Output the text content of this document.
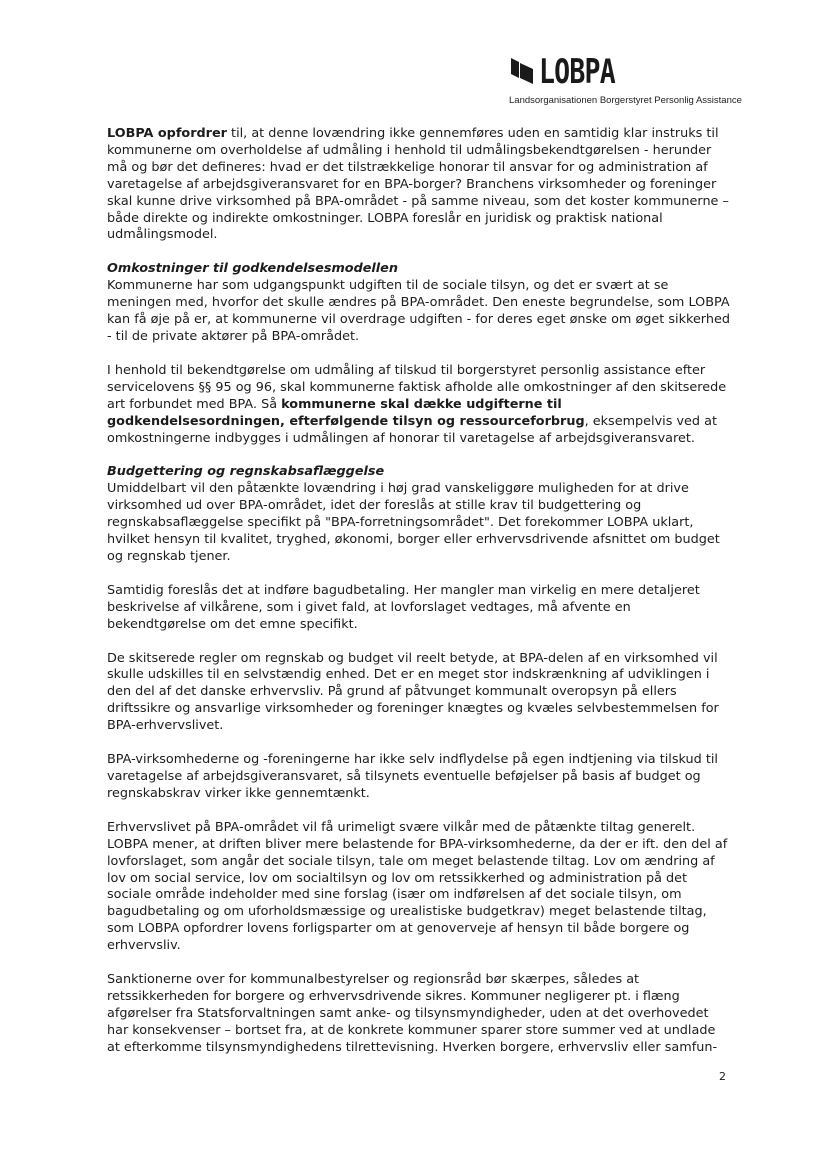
LOBPA
Landsorganisationen Borgerstyret Personlig Assistance

LOBPA opfordrer til, at denne lovændring ikke gennemføres uden en samtidig klar instruks til kommunerne om overholdelse af udmåling i henhold til udmålingsbekendtgørelsen - herunder må og bør det defineres: hvad er det tilstrækkelige honorar til ansvar for og administration af varetagelse af arbejdsgiveransvaret for en BPA-borger? Branchens virksomheder og foreninger skal kunne drive virksomhed på BPA-området - på samme niveau, som det koster kommunerne – både direkte og indirekte omkostninger. LOBPA foreslår en juridisk og praktisk national udmålingsmodel.

Omkostninger til godkendelsesmodellen

Kommunerne har som udgangspunkt udgiften til de sociale tilsyn, og det er svært at se meningen med, hvorfor det skulle ændres på BPA-området. Den eneste begrundelse, som LOBPA kan få øje på er, at kommunerne vil overdrage udgiften - for deres eget ønske om øget sikkerhed - til de private aktører på BPA-området.

I henhold til bekendtgørelse om udmåling af tilskud til borgerstyret personlig assistance efter servicelovens §§ 95 og 96, skal kommunerne faktisk afholde alle omkostninger af den skitserede art forbundet med BPA. Så kommunerne skal dække udgifterne til godkendelsesordningen, efterfølgende tilsyn og ressourceforbrug, eksempelvis ved at omkostningerne indbygges i udmålingen af honorar til varetagelse af arbejdsgiveransvaret.

Budgettering og regnskabsaflæggelse

Umiddelbart vil den påtænkte lovændring i høj grad vanskeliggøre muligheden for at drive virksomhed ud over BPA-området, idet der foreslås at stille krav til budgettering og regnskabsaflæggelse specifikt på "BPA-forretningsområdet". Det forekommer LOBPA uklart, hvilket hensyn til kvalitet, tryghed, økonomi, borger eller erhvervsdrivende afsnittet om budget og regnskab tjener.

Samtidig foreslås det at indføre bagudbetaling. Her mangler man virkelig en mere detaljeret beskrivelse af vilkårene, som i givet fald, at lovforslaget vedtages, må afvente en bekendtgørelse om det emne specifikt.

De skitserede regler om regnskab og budget vil reelt betyde, at BPA-delen af en virksomhed vil skulle udskilles til en selvstændig enhed. Det er en meget stor indskrænkning af udviklingen i den del af det danske erhvervsliv. På grund af påtvunget kommunalt overopsyn på ellers driftssikre og ansvarlige virksomheder og foreninger knægtes og kvæles selvbestemmelsen for BPA-erhvervslivet.

BPA-virksomhederne og -foreningerne har ikke selv indflydelse på egen indtjening via tilskud til varetagelse af arbejdsgiveransvaret, så tilsynets eventuelle beføjelser på basis af budget og regnskabskrav virker ikke gennemtænkt.

Erhvervslivet på BPA-området vil få urimeligt svære vilkår med de påtænkte tiltag generelt. LOBPA mener, at driften bliver mere belastende for BPA-virksomhederne, da der er ift. den del af lovforslaget, som angår det sociale tilsyn, tale om meget belastende tiltag. Lov om ændring af lov om social service, lov om socialtilsyn og lov om retssikkerhed og administration på det sociale område indeholder med sine forslag (især om indførelsen af det sociale tilsyn, om bagudbetaling og om uforholdsmæssige og urealistiske budgetkrav) meget belastende tiltag, som LOBPA opfordrer lovens forligsparter om at genoverveje af hensyn til både borgere og erhvervsliv.

Sanktionerne over for kommunalbestyrelser og regionsråd bør skærpes, således at retssikkerheden for borgere og erhvervsdrivende sikres. Kommuner negligerer pt. i flæng afgørelser fra Statsforvaltningen samt anke- og tilsynsmyndigheder, uden at det overhovedet har konsekvenser – bortset fra, at de konkrete kommuner sparer store summer ved at undlade at efterkomme tilsynsmyndighedens tilrettevisning. Hverken borgere, erhvervsliv eller samfun-

2
